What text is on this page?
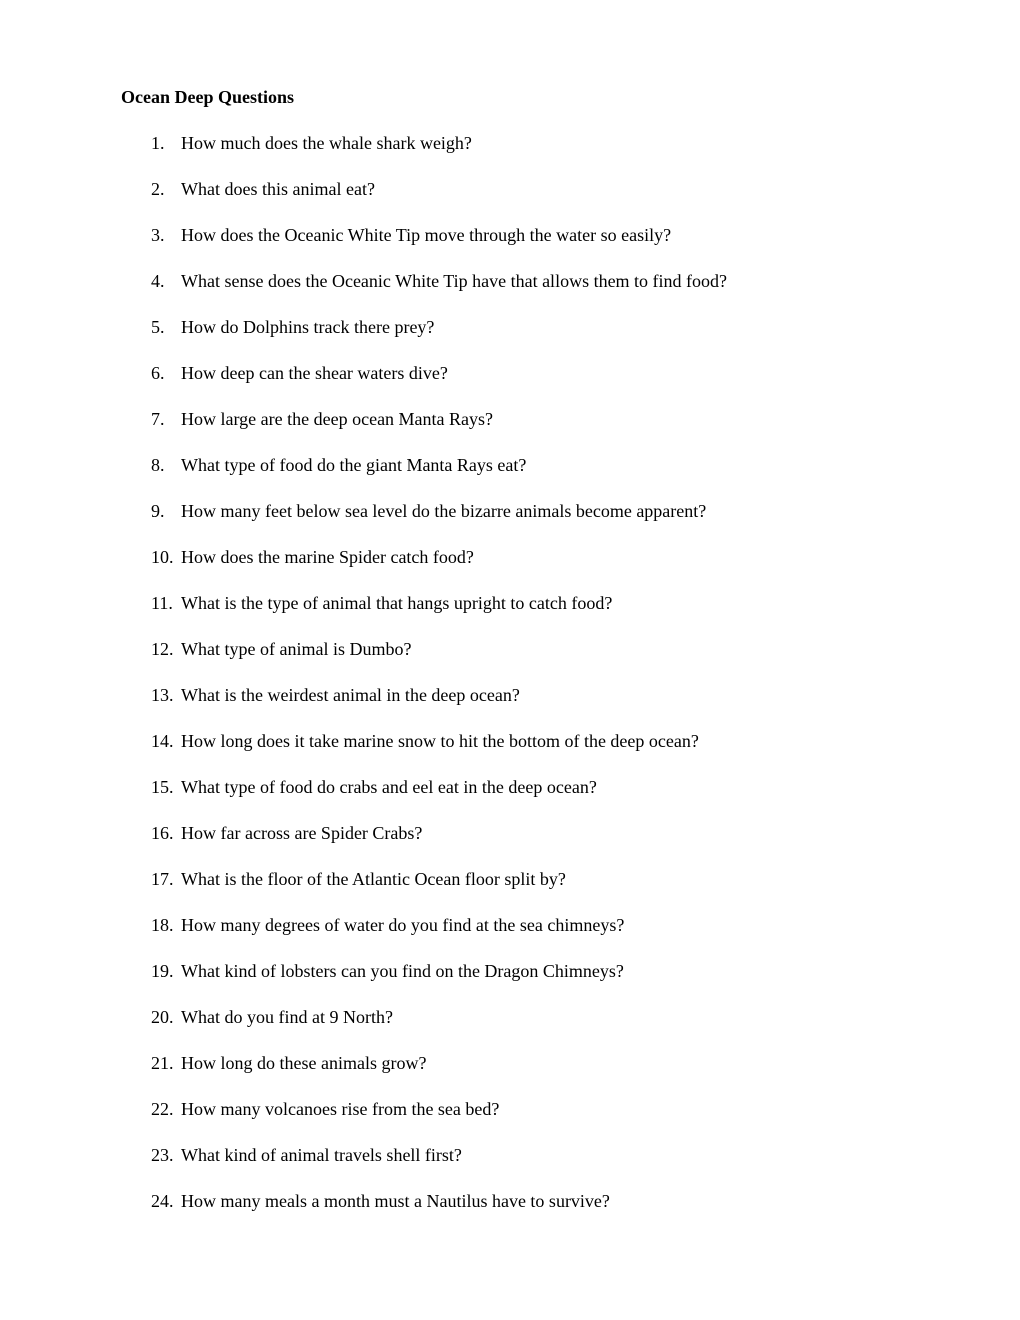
Ocean Deep Questions
1. How much does the whale shark weigh?
2. What does this animal eat?
3. How does the Oceanic White Tip move through the water so easily?
4. What sense does the Oceanic White Tip have that allows them to find food?
5. How do Dolphins track there prey?
6. How deep can the shear waters dive?
7. How large are the deep ocean Manta Rays?
8. What type of food do the giant Manta Rays eat?
9. How many feet below sea level do the bizarre animals become apparent?
10. How does the marine Spider catch food?
11. What is the type of animal that hangs upright to catch food?
12. What type of animal is Dumbo?
13. What is the weirdest animal in the deep ocean?
14. How long does it take marine snow to hit the bottom of the deep ocean?
15. What type of food do crabs and eel eat in the deep ocean?
16. How far across are Spider Crabs?
17. What is the floor of the Atlantic Ocean floor split by?
18. How many degrees of water do you find at the sea chimneys?
19. What kind of lobsters can you find on the Dragon Chimneys?
20. What do you find at 9 North?
21. How long do these animals grow?
22. How many volcanoes rise from the sea bed?
23. What kind of animal travels shell first?
24. How many meals a month must a Nautilus have to survive?
